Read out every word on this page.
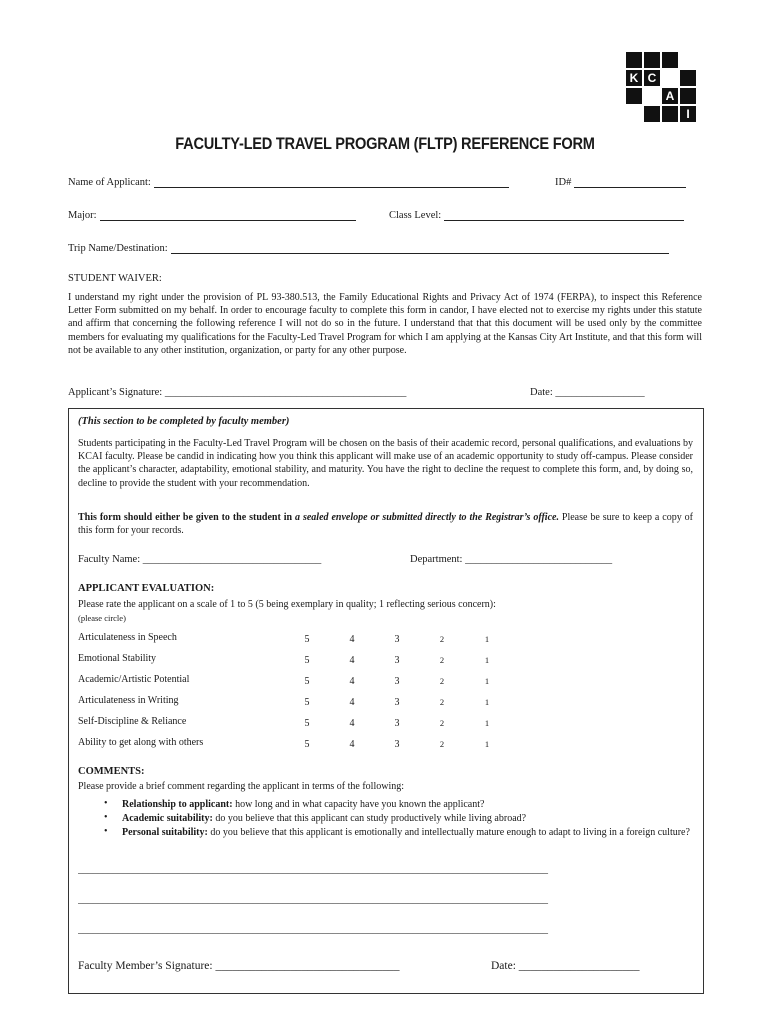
K C
A
I
FACULTY-LED TRAVEL PROGRAM (FLTP) REFERENCE FORM
Name of Applicant:	ID#
Major:	Class Level:
Trip Name/Destination:
STUDENT WAIVER:
I understand my right under the provision of PL 93-380.513, the Family Educational Rights and Privacy Act of 1974 (FERPA), to inspect this Reference Letter Form submitted on my behalf. In order to encourage faculty to complete this form in candor, I have elected not to exercise my rights under this statute and affirm that concerning the following reference I will not do so in the future. I understand that that this document will be used only by the committee members for evaluating my qualifications for the Faculty-Led Travel Program for which I am applying at the Kansas City Art Institute, and that this form will not be available to any other institution, organization, or party for any other purpose.
Applicant’s Signature: ______________________________________________	Date: _________________
(This section to be completed by faculty member)
Students participating in the Faculty-Led Travel Program will be chosen on the basis of their academic record, personal qualifications, and evaluations by KCAI faculty. Please be candid in indicating how you think this applicant will make use of an academic opportunity to study off-campus. Please consider the applicant’s character, adaptability, emotional stability, and maturity. You have the right to decline the request to complete this form, and, by doing so, decline to provide the student with your recommendation.
This form should either be given to the student in a sealed envelope or submitted directly to the Registrar’s office. Please be sure to keep a copy of this form for your records.
Faculty Name: __________________________________	Department: ____________________________
APPLICANT EVALUATION:
Please rate the applicant on a scale of 1 to 5 (5 being exemplary in quality; 1 reflecting serious concern):
(please circle)
Articulateness in Speech	5	4	3	2	1
Emotional Stability	5	4	3	2	1
Academic/Artistic Potential	5	4	3	2	1
Articulateness in Writing	5	4	3	2	1
Self-Discipline & Reliance	5	4	3	2	1
Ability to get along with others	5	4	3	2	1
COMMENTS:
Please provide a brief comment regarding the applicant in terms of the following:
• Relationship to applicant: how long and in what capacity have you known the applicant?
• Academic suitability: do you believe that this applicant can study productively while living abroad?
• Personal suitability: do you believe that this applicant is emotionally and intellectually mature enough to adapt to living in a foreign culture?
______________________________________________________________________________________________
______________________________________________________________________________________________
______________________________________________________________________________________________
Faculty Member’s Signature: ________________________________	Date: _____________________
